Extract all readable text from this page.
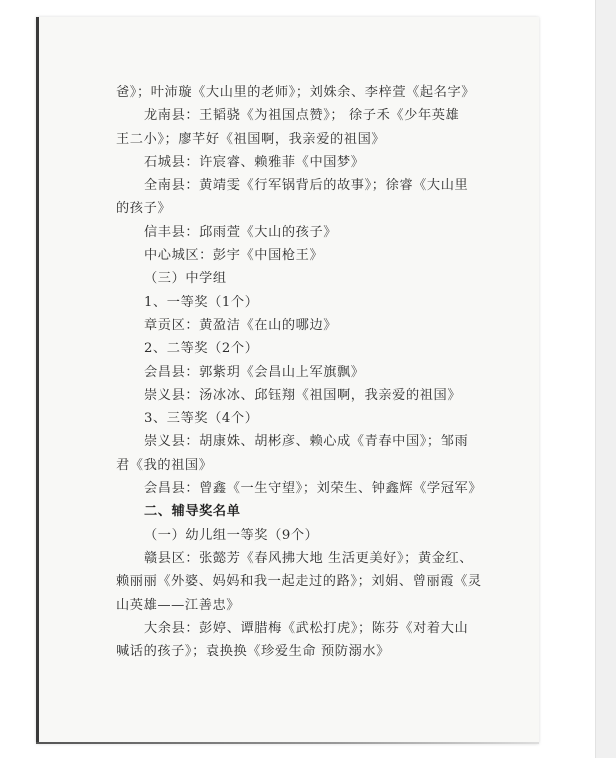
爸》；叶沛璇《大山里的老师》；刘姝余、李梓萱《起名字》
龙南县：王韬骁《为祖国点赞》； 徐子禾《少年英雄
王二小》；廖芊好《祖国啊，我亲爱的祖国》
石城县：许宸睿、赖雅菲《中国梦》
全南县：黄靖雯《行军锅背后的故事》；徐睿《大山里
的孩子》
信丰县：邱雨萱《大山的孩子》
中心城区：彭宇《中国枪王》
（三）中学组
1、一等奖（1个）
章贡区：黄盈洁《在山的哪边》
2、二等奖（2个）
会昌县：郭紫玥《会昌山上军旗飘》
崇义县：汤冰冰、邱钰翔《祖国啊，我亲爱的祖国》
3、三等奖（4个）
崇义县：胡康姝、胡彬彦、赖心成《青春中国》；邹雨
君《我的祖国》
会昌县：曾鑫《一生守望》；刘荣生、钟鑫辉《学冠军》
二、辅导奖名单
（一）幼儿组一等奖（9个）
赣县区：张懿芳《春风拂大地 生活更美好》；黄金红、
赖丽丽《外婆、妈妈和我一起走过的路》；刘娟、曾丽霞《灵
山英雄——江善忠》
大余县：彭婷、谭腊梅《武松打虎》；陈芬《对着大山
喊话的孩子》；袁换换《珍爱生命 预防溺水》
